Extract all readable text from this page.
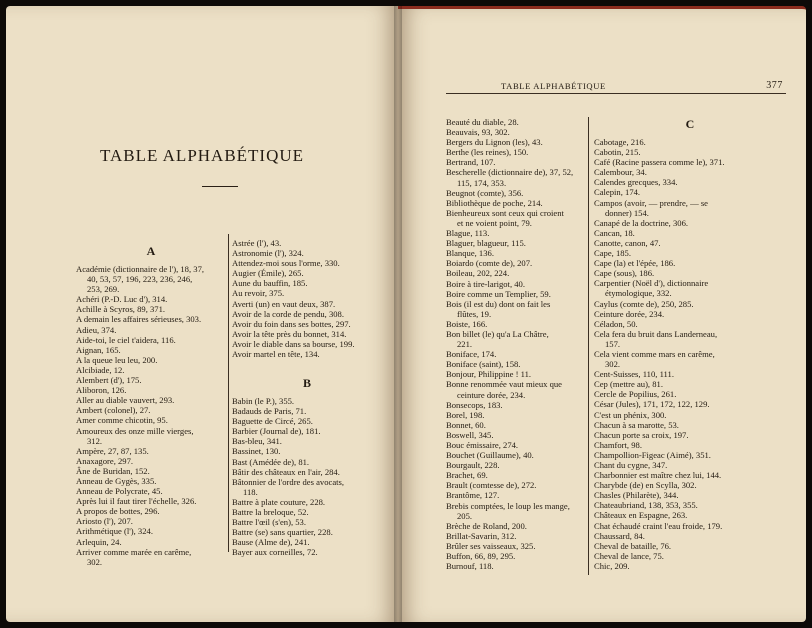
TABLE ALPHABÉTIQUE
A
Académie (dictionnaire de l'), 18, 37,
40, 53, 57, 196, 223, 236, 246,
253, 269.
Achéri (P.-D. Luc d'), 314.
Achille à Scyros, 89, 371.
A demain les affaires sérieuses, 303.
Adieu, 374.
Aide-toi, le ciel t'aidera, 116.
Aignan, 165.
A la queue leu leu, 200.
Alcibiade, 12.
Alembert (d'), 175.
Aliboron, 126.
Aller au diable vauvert, 293.
Ambert (colonel), 27.
Amer comme chicotin, 95.
Amoureux des onze mille vierges,
312.
Ampère, 27, 87, 135.
Anaxagore, 297.
Âne de Buridan, 152.
Anneau de Gygès, 335.
Anneau de Polycrate, 45.
Après lui il faut tirer l'échelle, 326.
A propos de bottes, 296.
Ariosto (l'), 207.
Arithmétique (l'), 324.
Arlequin, 24.
Arriver comme marée en carême,
302.
Astrée (l'), 43.
Astronomie (l'), 324.
Attendez-moi sous l'orme, 330.
Augier (Émile), 265.
Aune du bauffin, 185.
Au revoir, 375.
Averti (un) en vaut deux, 387.
Avoir de la corde de pendu, 308.
Avoir du foin dans ses bottes, 297.
Avoir la tête près du bonnet, 314.
Avoir le diable dans sa bourse, 199.
Avoir martel en tête, 134.
B
Babin (le P.), 355.
Badauds de Paris, 71.
Baguette de Circé, 265.
Barbier (Journal de), 181.
Bas-bleu, 341.
Bassinet, 130.
Bast (Amédée de), 81.
Bâtir des châteaux en l'air, 284.
Bâtonnier de l'ordre des avocats,
118.
Battre à plate couture, 228.
Battre la breloque, 52.
Battre l'œil (s'en), 53.
Battre (se) sans quartier, 228.
Bause (Alme de), 241.
Bayer aux corneilles, 72.
TABLE ALPHABÉTIQUE	377
Beauté du diable, 28.
Beauvais, 93, 302.
Bergers du Lignon (les), 43.
Berthe (les reines), 150.
Bertrand, 107.
Bescherelle (dictionnaire de), 37, 52,
115, 174, 353.
Beugnot (comte), 356.
Bibliothèque de poche, 214.
Bienheureux sont ceux qui croient
et ne voient point, 79.
Blague, 113.
Blaguer, blagueur, 115.
Blanque, 136.
Boiardo (comte de), 207.
Boileau, 202, 224.
Boire à tire-larigot, 40.
Boire comme un Templier, 59.
Bois (il est du) dont on fait les
flûtes, 19.
Boiste, 166.
Bon billet (le) qu'a La Châtre,
221.
Boniface, 174.
Boniface (saint), 158.
Bonjour, Philippine ! 11.
Bonne renommée vaut mieux que
ceinture dorée, 234.
Bonsecops, 183.
Borel, 198.
Bonnet, 60.
Boswell, 345.
Bouc émissaire, 274.
Bouchet (Guillaume), 40.
Bourgault, 228.
Brachet, 69.
Brault (comtesse de), 272.
Brantôme, 127.
Brebis comptées, le loup les mange,
205.
Brèche de Roland, 200.
Brillat-Savarin, 312.
Brûler ses vaisseaux, 325.
Buffon, 66, 89, 295.
Burnouf, 118.
C
Cabotage, 216.
Cabotin, 215.
Café (Racine passera comme le), 371.
Calembour, 34.
Calendes grecques, 334.
Calepin, 174.
Campos (avoir, — prendre, — se
donner) 154.
Canapé de la doctrine, 306.
Cancan, 18.
Canotte, canon, 47.
Cape, 185.
Cape (la) et l'épée, 186.
Cape (sous), 186.
Carpentier (Noël d'), dictionnaire
étymologique, 332.
Caylus (comte de), 250, 285.
Ceinture dorée, 234.
Céladon, 50.
Cela fera du bruit dans Landerneau,
157.
Cela vient comme mars en carême,
302.
Cent-Suisses, 110, 111.
Cep (mettre au), 81.
Cercle de Popilius, 261.
César (Jules), 171, 172, 122, 129.
C'est un phénix, 300.
Chacun à sa marotte, 53.
Chacun porte sa croix, 197.
Chamfort, 98.
Champollion-Figeac (Aimé), 351.
Chant du cygne, 347.
Charbonnier est maître chez lui, 144.
Charybde (de) en Scylla, 302.
Chasles (Philarète), 344.
Chateaubriand, 138, 353, 355.
Châteaux en Espagne, 263.
Chat échaudé craint l'eau froide, 179.
Chaussard, 84.
Cheval de bataille, 76.
Cheval de lance, 75.
Chic, 209.
